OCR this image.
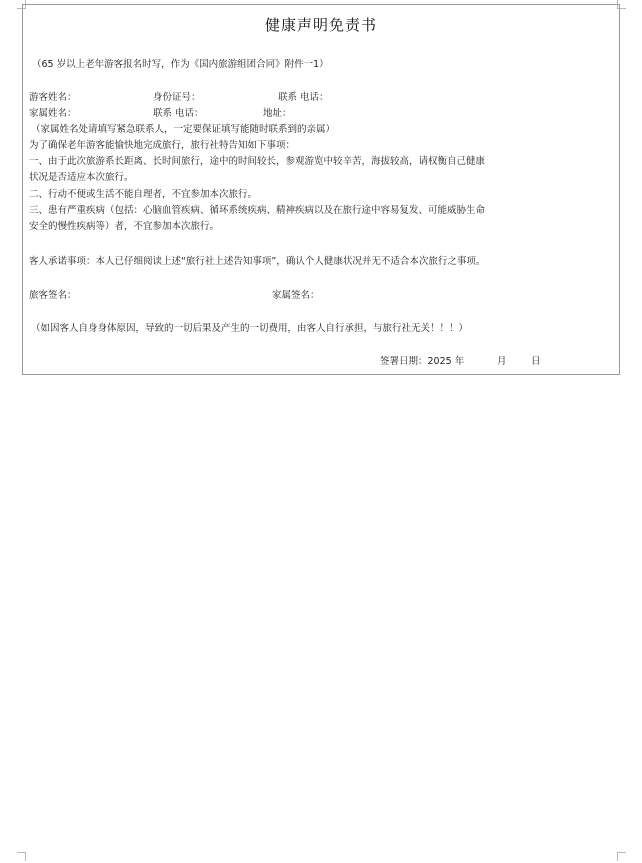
健康声明免责书
（65 岁以上老年游客报名时写，作为《国内旅游组团合同》附件一1）
游客姓名：	身份证号：	联系 电话：
家属姓名：	联系 电话：	地址：
（家属姓名处请填写紧急联系人，一定要保证填写能随时联系到的亲属）
为了确保老年游客能愉快地完成旅行，旅行社特告知如下事项：
一、由于此次旅游系长距离、长时间旅行，途中的时间较长，参观游览中较辛苦，海拔较高，请权衡自己健康
状况是否适应本次旅行。
二、行动不便或生活不能自理者，不宜参加本次旅行。
三、患有严重疾病（包括：心脑血管疾病、循环系统疾病、精神疾病以及在旅行途中容易复发、可能威胁生命
安全的慢性疾病等）者，不宜参加本次旅行。
客人承诺事项：本人已仔细阅读上述“旅行社上述告知事项”，确认个人健康状况并无不适合本次旅行之事项。
旅客签名：	家属签名：
（如因客人自身身体原因，导致的一切后果及产生的一切费用，由客人自行承担，与旅行社无关！！！）
签署日期：2025 年	月	日
